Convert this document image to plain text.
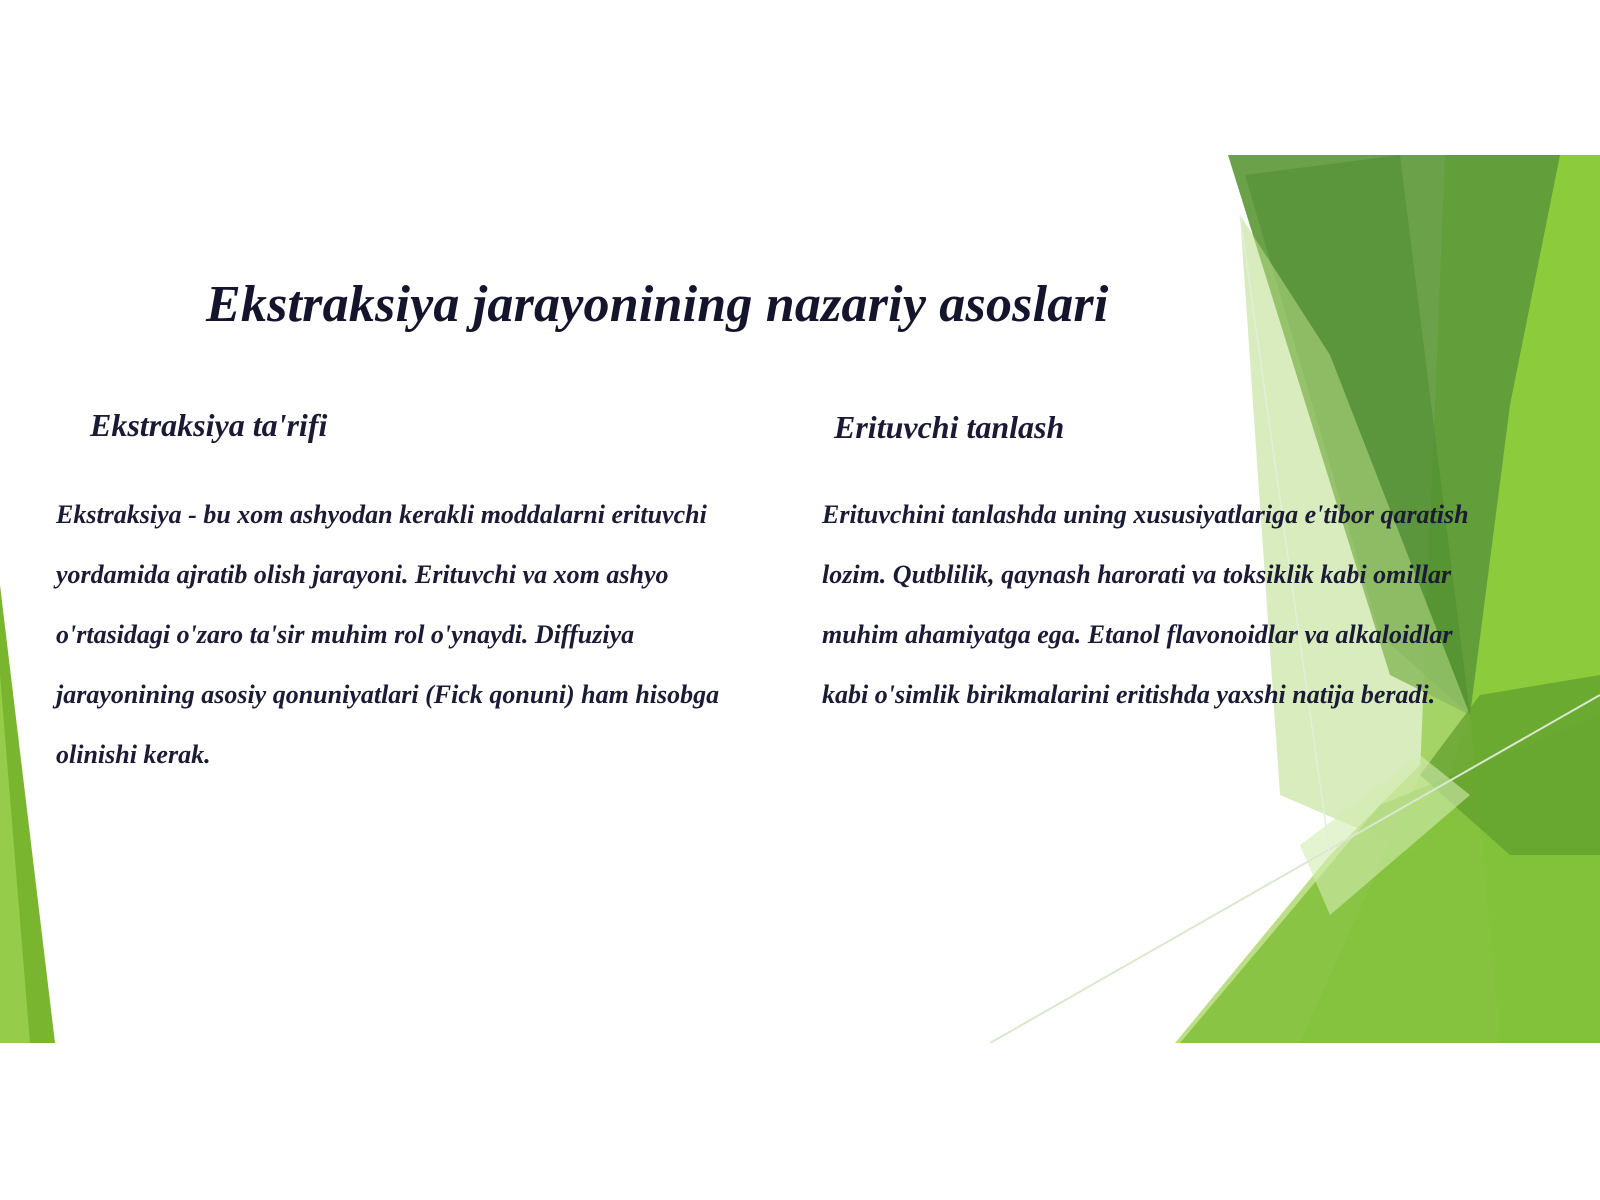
Ekstraksiya jarayonining nazariy asoslari
Ekstraksiya ta'rifi

Ekstraksiya - bu xom ashyodan kerakli moddalarni erituvchi yordamida ajratib olish jarayoni. Erituvchi va xom ashyo o'rtasidagi o'zaro ta'sir muhim rol o'ynaydi. Diffuziya jarayonining asosiy qonuniyatlari (Fick qonuni) ham hisobga olinishi kerak.

Erituvchi tanlash

Erituvchini tanlashda uning xususiyatlariga e'tibor qaratish lozim. Qutblilik, qaynash harorati va toksiklik kabi omillar muhim ahamiyatga ega. Etanol flavonoidlar va alkaloidlar kabi o'simlik birikmalarini eritishda yaxshi natija beradi.
